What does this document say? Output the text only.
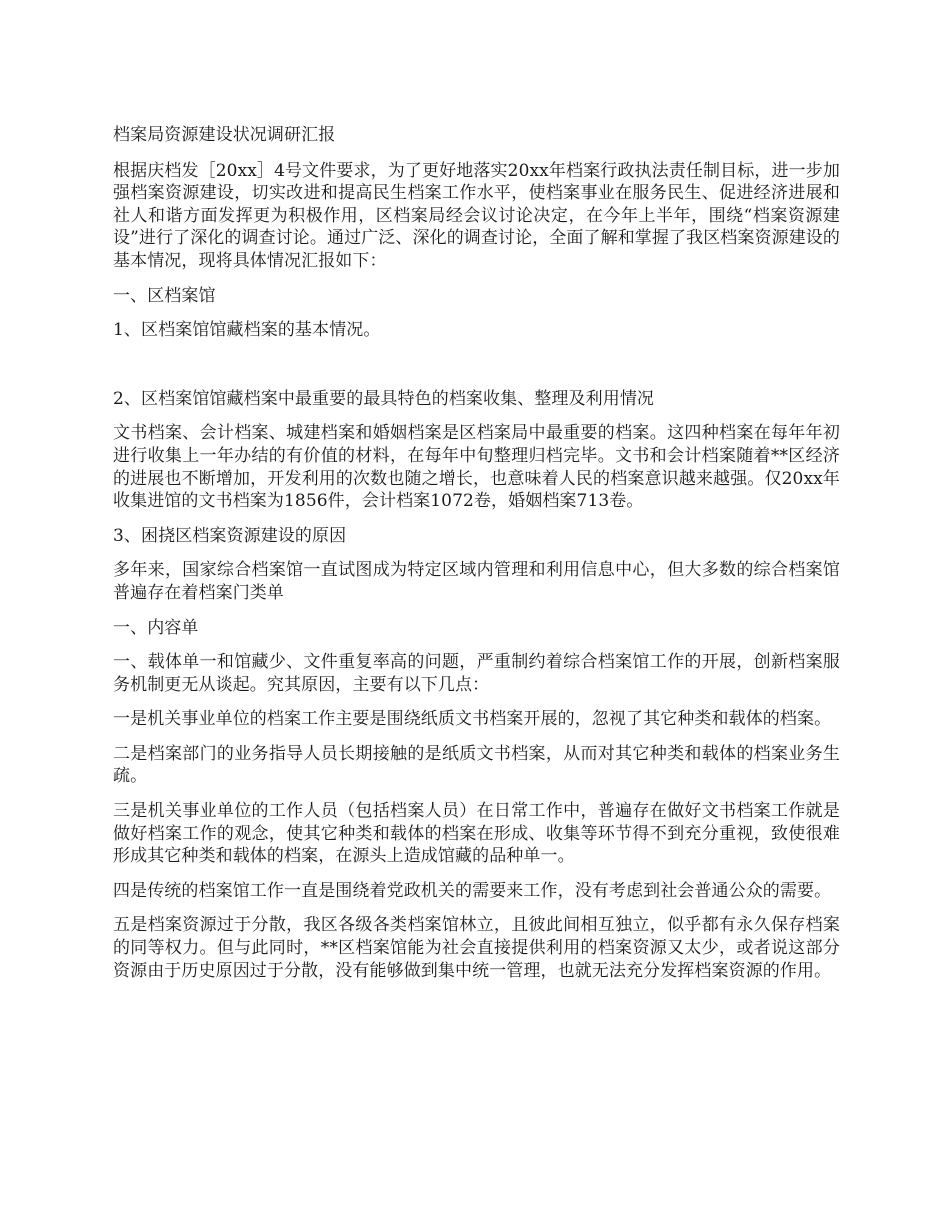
档案局资源建设状况调研汇报

根据庆档发［20xx］4号文件要求，为了更好地落实20xx年档案行政执法责任制目标，进一步加强档案资源建设，切实改进和提高民生档案工作水平，使档案事业在服务民生、促进经济进展和社人和谐方面发挥更为积极作用，区档案局经会议讨论决定，在今年上半年，围绕“档案资源建设”进行了深化的调查讨论。通过广泛、深化的调查讨论，全面了解和掌握了我区档案资源建设的基本情况，现将具体情况汇报如下：

一、区档案馆

1、区档案馆馆藏档案的基本情况。

2、区档案馆馆藏档案中最重要的最具特色的档案收集、整理及利用情况

文书档案、会计档案、城建档案和婚姻档案是区档案局中最重要的档案。这四种档案在每年年初进行收集上一年办结的有价值的材料，在每年中旬整理归档完毕。文书和会计档案随着**区经济的进展也不断增加，开发利用的次数也随之增长，也意味着人民的档案意识越来越强。仅20xx年收集进馆的文书档案为1856件，会计档案1072卷，婚姻档案713卷。

3、困挠区档案资源建设的原因

多年来，国家综合档案馆一直试图成为特定区域内管理和利用信息中心，但大多数的综合档案馆普遍存在着档案门类单

一、内容单

一、载体单一和馆藏少、文件重复率高的问题，严重制约着综合档案馆工作的开展，创新档案服务机制更无从谈起。究其原因，主要有以下几点：

一是机关事业单位的档案工作主要是围绕纸质文书档案开展的，忽视了其它种类和载体的档案。

二是档案部门的业务指导人员长期接触的是纸质文书档案，从而对其它种类和载体的档案业务生疏。

三是机关事业单位的工作人员（包括档案人员）在日常工作中，普遍存在做好文书档案工作就是做好档案工作的观念，使其它种类和载体的档案在形成、收集等环节得不到充分重视，致使很难形成其它种类和载体的档案，在源头上造成馆藏的品种单一。

四是传统的档案馆工作一直是围绕着党政机关的需要来工作，没有考虑到社会普通公众的需要。

五是档案资源过于分散，我区各级各类档案馆林立，且彼此间相互独立，似乎都有永久保存档案的同等权力。但与此同时，**区档案馆能为社会直接提供利用的档案资源又太少，或者说这部分资源由于历史原因过于分散，没有能够做到集中统一管理，也就无法充分发挥档案资源的作用。
